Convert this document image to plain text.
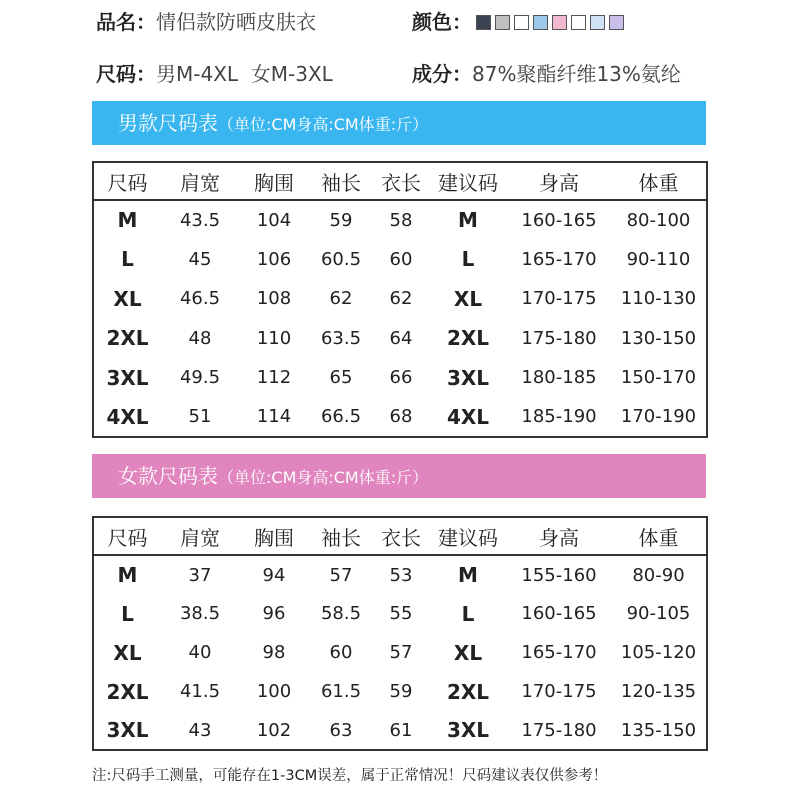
品名：情侣款防晒皮肤衣	颜色：
尺码：男M-4XL  女M-3XL	成分：87%聚酯纤维13%氨纶
男款尺码表（单位:CM身高:CM体重:斤）
尺码	肩宽	胸围	袖长	衣长	建议码	身高	体重
M	43.5	104	59	58	M	160-165	80-100
L	45	106	60.5	60	L	165-170	90-110
XL	46.5	108	62	62	XL	170-175	110-130
2XL	48	110	63.5	64	2XL	175-180	130-150
3XL	49.5	112	65	66	3XL	180-185	150-170
4XL	51	114	66.5	68	4XL	185-190	170-190
女款尺码表（单位:CM身高:CM体重:斤）
尺码	肩宽	胸围	袖长	衣长	建议码	身高	体重
M	37	94	57	53	M	155-160	80-90
L	38.5	96	58.5	55	L	160-165	90-105
XL	40	98	60	57	XL	165-170	105-120
2XL	41.5	100	61.5	59	2XL	170-175	120-135
3XL	43	102	63	61	3XL	175-180	135-150
注:尺码手工测量，可能存在1-3CM误差，属于正常情况！尺码建议表仅供参考！
